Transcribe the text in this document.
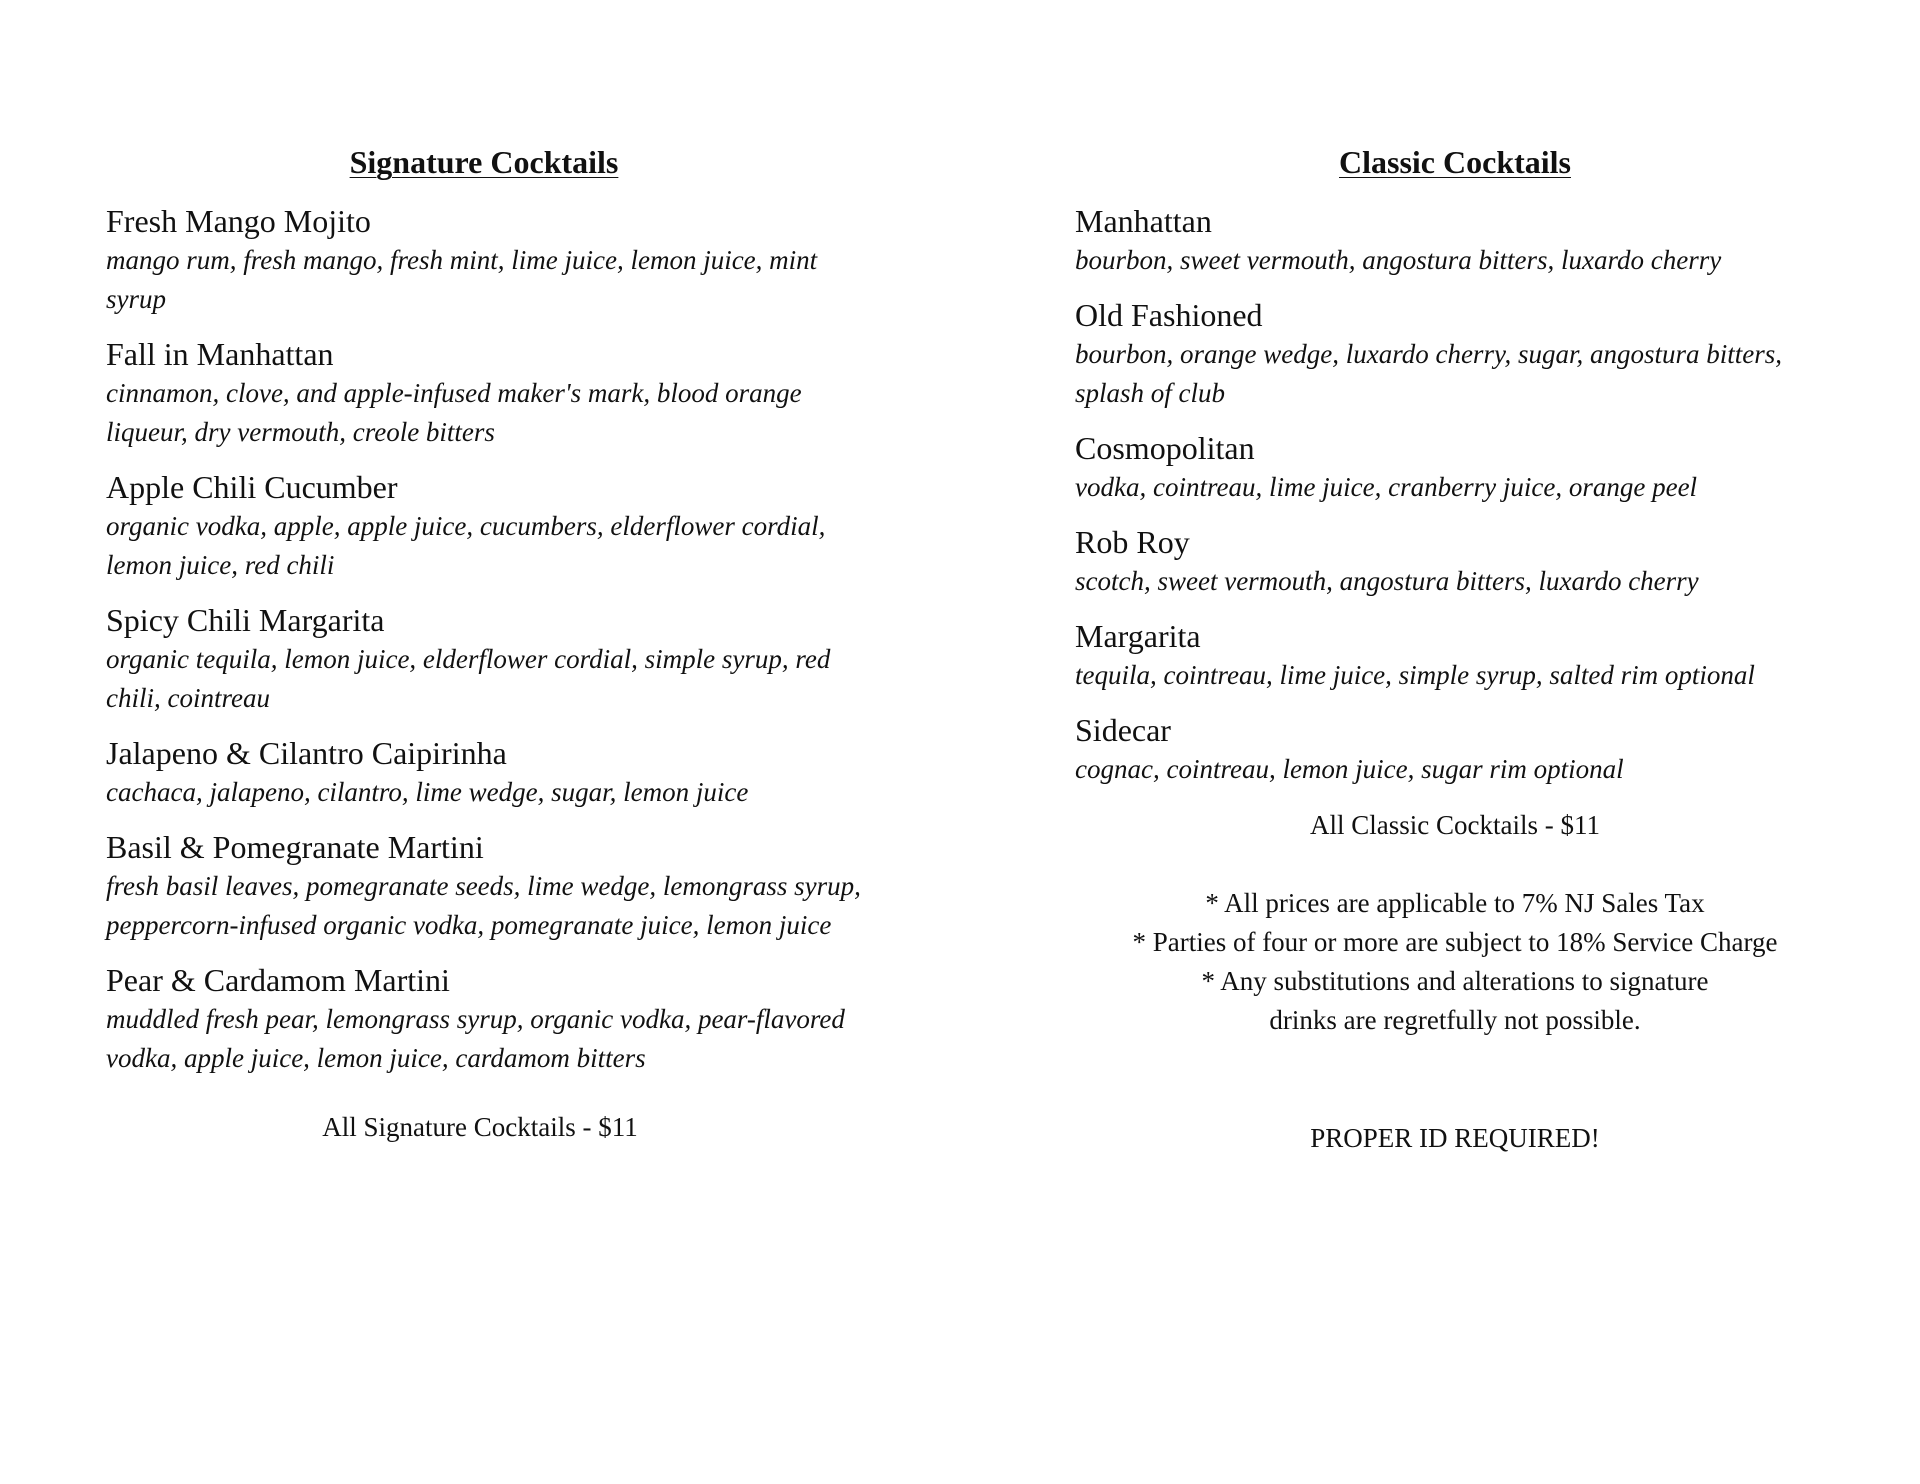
Signature Cocktails
Fresh Mango Mojito
mango rum, fresh mango, fresh mint, lime juice, lemon juice, mint syrup
Fall in Manhattan
cinnamon, clove, and apple-infused maker's mark, blood orange liqueur, dry vermouth, creole bitters
Apple Chili Cucumber
organic vodka, apple, apple juice, cucumbers, elderflower cordial, lemon juice, red chili
Spicy Chili Margarita
organic tequila, lemon juice, elderflower cordial, simple syrup, red chili, cointreau
Jalapeno & Cilantro Caipirinha
cachaca, jalapeno, cilantro, lime wedge, sugar, lemon juice
Basil & Pomegranate Martini
fresh basil leaves, pomegranate seeds, lime wedge, lemongrass syrup, peppercorn-infused organic vodka, pomegranate juice, lemon juice
Pear & Cardamom Martini
muddled fresh pear, lemongrass syrup, organic vodka, pear-flavored vodka, apple juice, lemon juice, cardamom bitters
All Signature Cocktails - $11
Classic Cocktails
Manhattan
bourbon, sweet vermouth, angostura bitters, luxardo cherry
Old Fashioned
bourbon, orange wedge, luxardo cherry, sugar, angostura bitters, splash of club
Cosmopolitan
vodka, cointreau, lime juice, cranberry juice, orange peel
Rob Roy
scotch, sweet vermouth, angostura bitters, luxardo cherry
Margarita
tequila, cointreau, lime juice, simple syrup, salted rim optional
Sidecar
cognac, cointreau, lemon juice, sugar rim optional
All Classic Cocktails - $11
* All prices are applicable to 7% NJ Sales Tax
* Parties of four or more are subject to 18% Service Charge
* Any substitutions and alterations to signature
drinks are regretfully not possible.
PROPER ID REQUIRED!
